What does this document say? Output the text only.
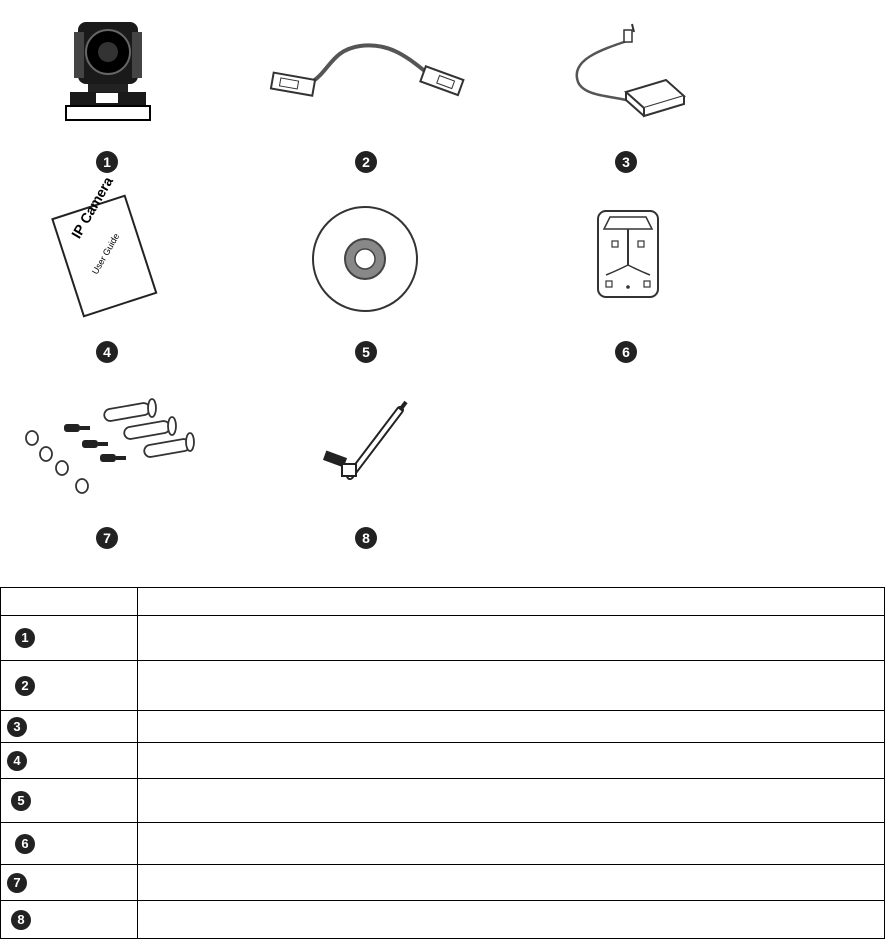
1	2	3
IP Camera
User Guide
4	5	6
7	8

1	

2	

3	

4	

5	

6	

7	

8	
